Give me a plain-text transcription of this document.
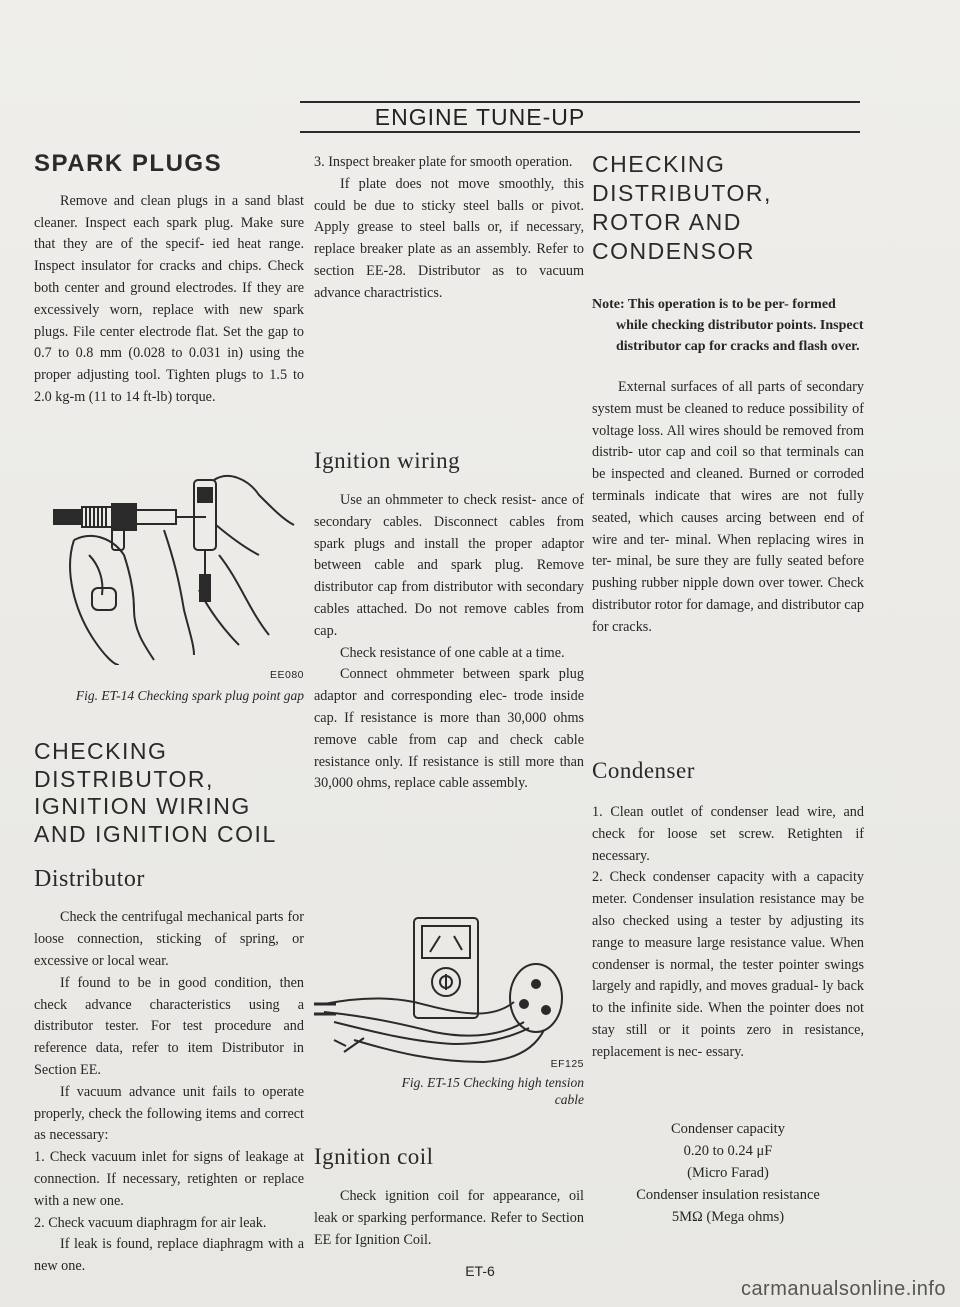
ENGINE TUNE-UP
SPARK PLUGS

Remove and clean plugs in a sand blast cleaner. Inspect each spark plug. Make sure that they are of the specif- ied heat range. Inspect insulator for cracks and chips. Check both center and ground electrodes. If they are excessively worn, replace with new spark plugs. File center electrode flat. Set the gap to 0.7 to 0.8 mm (0.028 to 0.031 in) using the proper adjusting tool. Tighten plugs to 1.5 to 2.0 kg-m (11 to 14 ft-lb) torque.

EE080
Fig. ET-14 Checking spark plug point gap
CHECKING
DISTRIBUTOR,
IGNITION WIRING
AND IGNITION COIL
Distributor

Check the centrifugal mechanical parts for loose connection, sticking of spring, or excessive or local wear.

If found to be in good condition, then check advance characteristics using a distributor tester. For test procedure and reference data, refer to item Distributor in Section EE.

If vacuum advance unit fails to operate properly, check the following items and correct as necessary:

1. Check vacuum inlet for signs of leakage at connection. If necessary, retighten or replace with a new one.

2. Check vacuum diaphragm for air leak.

If leak is found, replace diaphragm with a new one.

3. Inspect breaker plate for smooth operation.

If plate does not move smoothly, this could be due to sticky steel balls or pivot. Apply grease to steel balls or, if necessary, replace breaker plate as an assembly. Refer to section EE-28. Distributor as to vacuum advance charactristics.

Ignition wiring

Use an ohmmeter to check resist- ance of secondary cables. Disconnect cables from spark plugs and install the proper adaptor between cable and spark plug. Remove distributor cap from distributor with secondary cables attached. Do not remove cables from cap.

Check resistance of one cable at a time.

Connect ohmmeter between spark plug adaptor and corresponding elec- trode inside cap. If resistance is more than 30,000 ohms remove cable from cap and check cable resistance only. If resistance is still more than 30,000 ohms, replace cable assembly.

EF125
Fig. ET-15 Checking high tension cable
Ignition coil

Check ignition coil for appearance, oil leak or sparking performance. Refer to Section EE for Ignition Coil.

CHECKING
DISTRIBUTOR,
ROTOR AND
CONDENSOR

Note: This operation is to be per- formed while checking distributor points. Inspect distributor cap for cracks and flash over.

External surfaces of all parts of secondary system must be cleaned to reduce possibility of voltage loss. All wires should be removed from distrib- utor cap and coil so that terminals can be inspected and cleaned. Burned or corroded terminals indicate that wires are not fully seated, which causes arcing between end of wire and ter- minal. When replacing wires in ter- minal, be sure they are fully seated before pushing rubber nipple down over tower. Check distributor rotor for damage, and distributor cap for cracks.

Condenser

1. Clean outlet of condenser lead wire, and check for loose set screw. Retighten if necessary.

2. Check condenser capacity with a capacity meter. Condenser insulation resistance may be also checked using a tester by adjusting its range to measure large resistance value. When condenser is normal, the tester pointer swings largely and rapidly, and moves gradual- ly back to the infinite side. When the pointer does not stay still or it points zero in resistance, replacement is nec- essary.

Condenser capacity
0.20 to 0.24 μF
(Micro Farad)
Condenser insulation resistance
5MΩ (Mega ohms)
ET-6
carmanualsonline.info
